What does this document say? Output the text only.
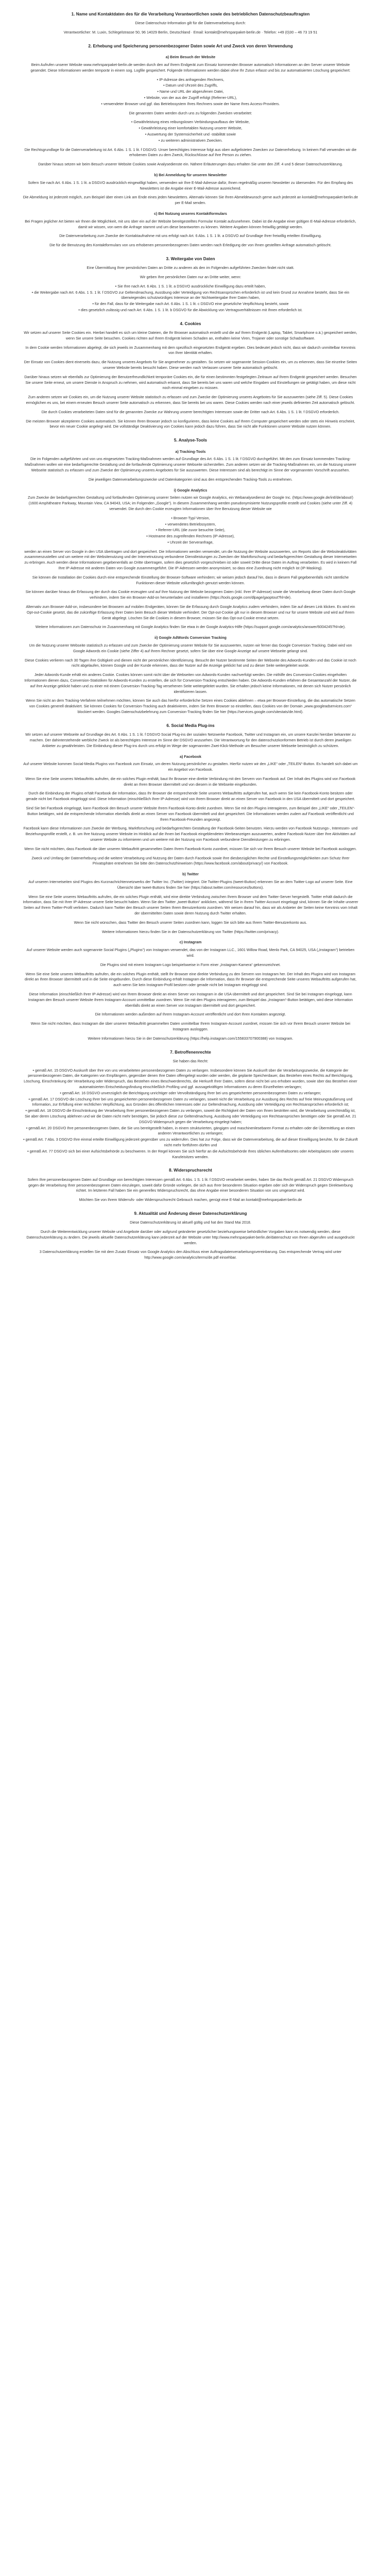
1. Name und Kontaktdaten des für die Verarbeitung Verantwortlichen sowie des betrieblichen Datenschutzbeauftragten
Diese Datenschutz-Information gilt für die Datenverarbeitung durch:
Verantwortlicher: M. Luxin, Schlegelstrasse 50, 96 14029 Berlin, Deutschland · Email: kontakt@mehrsparpaket-berlin.de · Telefon: +49 (0)30 – 46 73 19 51
2. Erhebung und Speicherung personenbezogener Daten sowie Art und Zweck von deren Verwendung
a) Beim Besuch der Website
Beim Aufrufen unserer Website www.mehrsparpaket-berlin.de werden durch den auf Ihrem Endgerät zum Einsatz kommenden Browser automatisch Informationen an den Server unserer Website gesendet. Diese Informationen werden temporär in einem sog. Logfile gespeichert. Folgende Informationen werden dabei ohne Ihr Zutun erfasst und bis zur automatisierten Löschung gespeichert:
• IP-Adresse des anfragenden Rechners,
• Datum und Uhrzeit des Zugriffs,
• Name und URL der abgerufenen Datei,
• Website, von der aus der Zugriff erfolgt (Referrer-URL),
• verwendeter Browser und ggf. das Betriebssystem Ihres Rechners sowie der Name Ihres Access-Providers.
Die genannten Daten werden durch uns zu folgenden Zwecken verarbeitet:
• Gewährleistung eines reibungslosen Verbindungsaufbaus der Website,
• Gewährleistung einer komfortablen Nutzung unserer Website,
• Auswertung der Systemsicherheit und -stabilität sowie
• zu weiteren administrativen Zwecken.
Die Rechtsgrundlage für die Datenverarbeitung ist Art. 6 Abs. 1 S. 1 lit. f DSGVO. Unser berechtigtes Interesse folgt aus oben aufgelisteten Zwecken zur Datenerhebung. In keinem Fall verwenden wir die erhobenen Daten zu dem Zweck, Rückschlüsse auf Ihre Person zu ziehen.
Darüber hinaus setzen wir beim Besuch unserer Website Cookies sowie Analysedienste ein. Nähere Erläuterungen dazu erhalten Sie unter den Ziff. 4 und 5 dieser Datenschutzerklärung.
b) Bei Anmeldung für unseren Newsletter
Sofern Sie nach Art. 6 Abs. 1 S. 1 lit. a DSGVO ausdrücklich eingewilligt haben, verwenden wir Ihre E-Mail-Adresse dafür, Ihnen regelmäßig unseren Newsletter zu übersenden. Für den Empfang des Newsletters ist die Angabe einer E-Mail-Adresse ausreichend.
Die Abmeldung ist jederzeit möglich, zum Beispiel über einen Link am Ende eines jeden Newsletters. Alternativ können Sie Ihren Abmeldewunsch gerne auch jederzeit an kontakt@mehrsparpaket-berlin.de per E-Mail senden.
c) Bei Nutzung unseres Kontaktformulars
Bei Fragen jeglicher Art bieten wir Ihnen die Möglichkeit, mit uns über ein auf der Website bereitgestelltes Formular Kontakt aufzunehmen. Dabei ist die Angabe einer gültigen E-Mail-Adresse erforderlich, damit wir wissen, von wem die Anfrage stammt und um diese beantworten zu können. Weitere Angaben können freiwillig getätigt werden.
Die Datenverarbeitung zum Zwecke der Kontaktaufnahme mit uns erfolgt nach Art. 6 Abs. 1 S. 1 lit. a DSGVO auf Grundlage Ihrer freiwillig erteilten Einwilligung.
Die für die Benutzung des Kontaktformulars von uns erhobenen personenbezogenen Daten werden nach Erledigung der von Ihnen gestellten Anfrage automatisch gelöscht.
3. Weitergabe von Daten
Eine Übermittlung Ihrer persönlichen Daten an Dritte zu anderen als den im Folgenden aufgeführten Zwecken findet nicht statt.
Wir geben Ihre persönlichen Daten nur an Dritte weiter, wenn:
• Sie Ihre nach Art. 6 Abs. 1 S. 1 lit. a DSGVO ausdrückliche Einwilligung dazu erteilt haben,
• die Weitergabe nach Art. 6 Abs. 1 S. 1 lit. f DSGVO zur Geltendmachung, Ausübung oder Verteidigung von Rechtsansprüchen erforderlich ist und kein Grund zur Annahme besteht, dass Sie ein überwiegendes schutzwürdiges Interesse an der Nichtweitergabe Ihrer Daten haben,
• für den Fall, dass für die Weitergabe nach Art. 6 Abs. 1 S. 1 lit. c DSGVO eine gesetzliche Verpflichtung besteht, sowie
• dies gesetzlich zulässig und nach Art. 6 Abs. 1 S. 1 lit. b DSGVO für die Abwicklung von Vertragsverhältnissen mit Ihnen erforderlich ist.
4. Cookies
Wir setzen auf unserer Seite Cookies ein. Hierbei handelt es sich um kleine Dateien, die Ihr Browser automatisch erstellt und die auf Ihrem Endgerät (Laptop, Tablet, Smartphone o.ä.) gespeichert werden, wenn Sie unsere Seite besuchen. Cookies richten auf Ihrem Endgerät keinen Schaden an, enthalten keine Viren, Trojaner oder sonstige Schadsoftware.
In dem Cookie werden Informationen abgelegt, die sich jeweils im Zusammenhang mit dem spezifisch eingesetzten Endgerät ergeben. Dies bedeutet jedoch nicht, dass wir dadurch unmittelbar Kenntnis von Ihrer Identität erhalten.
Der Einsatz von Cookies dient einerseits dazu, die Nutzung unseres Angebots für Sie angenehmer zu gestalten. So setzen wir sogenannte Session-Cookies ein, um zu erkennen, dass Sie einzelne Seiten unserer Website bereits besucht haben. Diese werden nach Verlassen unserer Seite automatisch gelöscht.
Darüber hinaus setzen wir ebenfalls zur Optimierung der Benutzerfreundlichkeit temporäre Cookies ein, die für einen bestimmten festgelegten Zeitraum auf Ihrem Endgerät gespeichert werden. Besuchen Sie unsere Seite erneut, um unsere Dienste in Anspruch zu nehmen, wird automatisch erkannt, dass Sie bereits bei uns waren und welche Eingaben und Einstellungen sie getätigt haben, um diese nicht noch einmal eingeben zu müssen.
Zum anderen setzen wir Cookies ein, um die Nutzung unserer Website statistisch zu erfassen und zum Zwecke der Optimierung unseres Angebotes für Sie auszuwerten (siehe Ziff. 5). Diese Cookies ermöglichen es uns, bei einem erneuten Besuch unserer Seite automatisch zu erkennen, dass Sie bereits bei uns waren. Diese Cookies werden nach einer jeweils definierten Zeit automatisch gelöscht.
Die durch Cookies verarbeiteten Daten sind für die genannten Zwecke zur Wahrung unserer berechtigten Interessen sowie der Dritter nach Art. 6 Abs. 1 S. 1 lit. f DSGVO erforderlich.
Die meisten Browser akzeptieren Cookies automatisch. Sie können Ihren Browser jedoch so konfigurieren, dass keine Cookies auf Ihrem Computer gespeichert werden oder stets ein Hinweis erscheint, bevor ein neuer Cookie angelegt wird. Die vollständige Deaktivierung von Cookies kann jedoch dazu führen, dass Sie nicht alle Funktionen unserer Website nutzen können.
5. Analyse-Tools
a) Tracking-Tools
Die im Folgenden aufgeführten und von uns eingesetzten Tracking-Maßnahmen werden auf Grundlage des Art. 6 Abs. 1 S. 1 lit. f DSGVO durchgeführt. Mit den zum Einsatz kommenden Tracking-Maßnahmen wollen wir eine bedarfsgerechte Gestaltung und die fortlaufende Optimierung unserer Webseite sicherstellen. Zum anderen setzen wir die Tracking-Maßnahmen ein, um die Nutzung unserer Webseite statistisch zu erfassen und zum Zwecke der Optimierung unseres Angebotes für Sie auszuwerten. Diese Interessen sind als berechtigt im Sinne der vorgenannten Vorschrift anzusehen.
Die jeweiligen Datenverarbeitungszwecke und Datenkategorien sind aus den entsprechenden Tracking-Tools zu entnehmen.
i) Google Analytics
Zum Zwecke der bedarfsgerechten Gestaltung und fortlaufenden Optimierung unserer Seiten nutzen wir Google Analytics, ein Webanalysedienst der Google Inc. (https://www.google.de/intl/de/about/) (1600 Amphitheatre Parkway, Mountain View, CA 94043, USA; im Folgenden „Google“). In diesem Zusammenhang werden pseudonymisierte Nutzungsprofile erstellt und Cookies (siehe unter Ziff. 4) verwendet. Die durch den Cookie erzeugten Informationen über Ihre Benutzung dieser Website wie
• Browser-Typ/-Version,
• verwendetes Betriebssystem,
• Referrer-URL (die zuvor besuchte Seite),
• Hostname des zugreifenden Rechners (IP-Adresse),
• Uhrzeit der Serveranfrage,
werden an einen Server von Google in den USA übertragen und dort gespeichert. Die Informationen werden verwendet, um die Nutzung der Website auszuwerten, um Reports über die Websiteaktivitäten zusammenzustellen und um weitere mit der Websitenutzung und der Internetnutzung verbundene Dienstleistungen zu Zwecken der Marktforschung und bedarfsgerechten Gestaltung dieser Internetseiten zu erbringen. Auch werden diese Informationen gegebenenfalls an Dritte übertragen, sofern dies gesetzlich vorgeschrieben ist oder soweit Dritte diese Daten im Auftrag verarbeiten. Es wird in keinem Fall Ihre IP-Adresse mit anderen Daten von Google zusammengeführt. Die IP-Adressen werden anonymisiert, so dass eine Zuordnung nicht möglich ist (IP-Masking).
Sie können die Installation der Cookies durch eine entsprechende Einstellung der Browser-Software verhindern; wir weisen jedoch darauf hin, dass in diesem Fall gegebenenfalls nicht sämtliche Funktionen dieser Website vollumfänglich genutzt werden können.
Sie können darüber hinaus die Erfassung der durch das Cookie erzeugten und auf Ihre Nutzung der Website bezogenen Daten (inkl. Ihrer IP-Adresse) sowie die Verarbeitung dieser Daten durch Google verhindern, indem Sie ein Browser-Add-on herunterladen und installieren (https://tools.google.com/dlpage/gaoptout?hl=de).
Alternativ zum Browser-Add-on, insbesondere bei Browsern auf mobilen Endgeräten, können Sie die Erfassung durch Google Analytics zudem verhindern, indem Sie auf diesen Link klicken. Es wird ein Opt-out-Cookie gesetzt, das die zukünftige Erfassung Ihrer Daten beim Besuch dieser Website verhindert. Der Opt-out-Cookie gilt nur in diesem Browser und nur für unsere Website und wird auf Ihrem Gerät abgelegt. Löschen Sie die Cookies in diesem Browser, müssen Sie das Opt-out-Cookie erneut setzen.
Weitere Informationen zum Datenschutz im Zusammenhang mit Google Analytics finden Sie etwa in der Google Analytics-Hilfe (https://support.google.com/analytics/answer/6004245?hl=de).
ii) Google AdWords Conversion Tracking
Um die Nutzung unserer Webseite statistisch zu erfassen und zum Zwecke der Optimierung unserer Website für Sie auszuwerten, nutzen wir ferner das Google Conversion Tracking. Dabei wird von Google Adwords ein Cookie (siehe Ziffer 4) auf Ihrem Rechner gesetzt, sofern Sie über eine Google-Anzeige auf unsere Webseite gelangt sind.
Diese Cookies verlieren nach 30 Tagen ihre Gültigkeit und dienen nicht der persönlichen Identifizierung. Besucht der Nutzer bestimmte Seiten der Webseite des Adwords-Kunden und das Cookie ist noch nicht abgelaufen, können Google und der Kunde erkennen, dass der Nutzer auf die Anzeige geklickt hat und zu dieser Seite weitergeleitet wurde.
Jeder Adwords-Kunde erhält ein anderes Cookie. Cookies können somit nicht über die Webseiten von Adwords-Kunden nachverfolgt werden. Die mithilfe des Conversion-Cookies eingeholten Informationen dienen dazu, Conversion-Statistiken für Adwords-Kunden zu erstellen, die sich für Conversion-Tracking entschieden haben. Die Adwords-Kunden erfahren die Gesamtanzahl der Nutzer, die auf ihre Anzeige geklickt haben und zu einer mit einem Conversion-Tracking-Tag versehenen Seite weitergeleitet wurden. Sie erhalten jedoch keine Informationen, mit denen sich Nutzer persönlich identifizieren lassen.
Wenn Sie nicht an dem Tracking-Verfahren teilnehmen möchten, können Sie auch das hierfür erforderliche Setzen eines Cookies ablehnen – etwa per Browser-Einstellung, die das automatische Setzen von Cookies generell deaktiviert. Sie können Cookies für Conversion-Tracking auch deaktivieren, indem Sie Ihren Browser so einstellen, dass Cookies von der Domain „www.googleadservices.com“ blockiert werden. Googles Datenschutzbelehrung zum Conversion-Tracking finden Sie hier (https://services.google.com/sitestats/de.html).
6. Social Media Plug-ins
Wir setzen auf unserer Webseite auf Grundlage des Art. 6 Abs. 1 S. 1 lit. f DSGVO Social Plug-ins der sozialen Netzwerke Facebook, Twitter und Instagram ein, um unsere Kanzlei hierüber bekannter zu machen. Der dahinterstehende werbliche Zweck ist als berechtigtes Interesse im Sinne der DSGVO anzusehen. Die Verantwortung für den datenschutzkonformen Betrieb ist durch deren jeweiligen Anbieter zu gewährleisten. Die Einbindung dieser Plug-ins durch uns erfolgt im Wege der sogenannten Zwei-Klick-Methode um Besucher unserer Webseite bestmöglich zu schützen.
a) Facebook
Auf unserer Website kommen Social-Media Plugins von Facebook zum Einsatz, um deren Nutzung persönlicher zu gestalten. Hierfür nutzen wir den „LIKE“ oder „TEILEN“-Button. Es handelt sich dabei um ein Angebot von Facebook.
Wenn Sie eine Seite unseres Webauftritts aufrufen, die ein solches Plugin enthält, baut Ihr Browser eine direkte Verbindung mit den Servern von Facebook auf. Der Inhalt des Plugins wird von Facebook direkt an Ihren Browser übermittelt und von diesem in die Webseite eingebunden.
Durch die Einbindung der Plugins erhält Facebook die Information, dass Ihr Browser die entsprechende Seite unseres Webauftritts aufgerufen hat, auch wenn Sie kein Facebook-Konto besitzen oder gerade nicht bei Facebook eingeloggt sind. Diese Information (einschließlich Ihrer IP-Adresse) wird von Ihrem Browser direkt an einen Server von Facebook in den USA übermittelt und dort gespeichert.
Sind Sie bei Facebook eingeloggt, kann Facebook den Besuch unserer Website Ihrem Facebook-Konto direkt zuordnen. Wenn Sie mit den Plugins interagieren, zum Beispiel den „LIKE“ oder „TEILEN“-Button betätigen, wird die entsprechende Information ebenfalls direkt an einen Server von Facebook übermittelt und dort gespeichert. Die Informationen werden zudem auf Facebook veröffentlicht und Ihren Facebook-Freunden angezeigt.
Facebook kann diese Informationen zum Zwecke der Werbung, Marktforschung und bedarfsgerechten Gestaltung der Facebook-Seiten benutzen. Hierzu werden von Facebook Nutzungs-, Interessen- und Beziehungsprofile erstellt, z. B. um Ihre Nutzung unserer Website im Hinblick auf die Ihnen bei Facebook eingeblendeten Werbeanzeigen auszuwerten, andere Facebook-Nutzer über Ihre Aktivitäten auf unserer Website zu informieren und um weitere mit der Nutzung von Facebook verbundene Dienstleistungen zu erbringen.
Wenn Sie nicht möchten, dass Facebook die über unseren Webauftritt gesammelten Daten Ihrem Facebook-Konto zuordnet, müssen Sie sich vor Ihrem Besuch unserer Website bei Facebook ausloggen.
Zweck und Umfang der Datenerhebung und die weitere Verarbeitung und Nutzung der Daten durch Facebook sowie Ihre diesbezüglichen Rechte und Einstellungsmöglichkeiten zum Schutz Ihrer Privatsphäre entnehmen Sie bitte den Datenschutzhinweisen (https://www.facebook.com/about/privacy/) von Facebook.
b) Twitter
Auf unseren Internetseiten sind Plugins des Kurznachrichtennetzwerks der Twitter Inc. (Twitter) integriert. Die Twitter-Plugins (tweet-Button) erkennen Sie an dem Twitter-Logo auf unserer Seite. Eine Übersicht über tweet-Buttons finden Sie hier (https://about.twitter.com/resources/buttons).
Wenn Sie eine Seite unseres Webauftritts aufrufen, die ein solches Plugin enthält, wird eine direkte Verbindung zwischen Ihrem Browser und dem Twitter-Server hergestellt. Twitter erhält dadurch die Information, dass Sie mit Ihrer IP-Adresse unsere Seite besucht haben. Wenn Sie den Twitter „tweet-Button“ anklicken, während Sie in Ihrem Twitter-Account eingeloggt sind, können Sie die Inhalte unserer Seiten auf Ihrem Twitter-Profil verlinken. Dadurch kann Twitter den Besuch unserer Seiten Ihrem Benutzerkonto zuordnen. Wir weisen darauf hin, dass wir als Anbieter der Seiten keine Kenntnis vom Inhalt der übermittelten Daten sowie deren Nutzung durch Twitter erhalten.
Wenn Sie nicht wünschen, dass Twitter den Besuch unserer Seiten zuordnen kann, loggen Sie sich bitte aus Ihrem Twitter-Benutzerkonto aus.
Weitere Informationen hierzu finden Sie in der Datenschutzerklärung von Twitter (https://twitter.com/privacy).
c) Instagram
Auf unserer Website werden auch sogenannte Social Plugins („Plugins“) von Instagram verwendet, das von der Instagram LLC., 1601 Willow Road, Menlo Park, CA 94025, USA („Instagram“) betrieben wird.
Die Plugins sind mit einem Instagram-Logo beispielsweise in Form einer „Instagram-Kamera“ gekennzeichnet.
Wenn Sie eine Seite unseres Webauftritts aufrufen, die ein solches Plugin enthält, stellt Ihr Browser eine direkte Verbindung zu den Servern von Instagram her. Der Inhalt des Plugins wird von Instagram direkt an Ihren Browser übermittelt und in die Seite eingebunden. Durch diese Einbindung erhält Instagram die Information, dass Ihr Browser die entsprechende Seite unseres Webauftritts aufgerufen hat, auch wenn Sie kein Instagram-Profil besitzen oder gerade nicht bei Instagram eingeloggt sind.
Diese Information (einschließlich Ihrer IP-Adresse) wird von Ihrem Browser direkt an einen Server von Instagram in die USA übermittelt und dort gespeichert. Sind Sie bei Instagram eingeloggt, kann Instagram den Besuch unserer Website Ihrem Instagram-Account unmittelbar zuordnen. Wenn Sie mit den Plugins interagieren, zum Beispiel das „Instagram“-Button betätigen, wird diese Information ebenfalls direkt an einen Server von Instagram übermittelt und dort gespeichert.
Die Informationen werden außerdem auf Ihrem Instagram-Account veröffentlicht und dort Ihren Kontakten angezeigt.
Wenn Sie nicht möchten, dass Instagram die über unseren Webauftritt gesammelten Daten unmittelbar Ihrem Instagram-Account zuordnet, müssen Sie sich vor Ihrem Besuch unserer Website bei Instagram ausloggen.
Weitere Informationen hierzu Sie in der Datenschutzerklärung (https://help.instagram.com/155833707900388) von Instagram.
7. Betroffenenrechte
Sie haben das Recht:
• gemäß Art. 15 DSGVO Auskunft über Ihre von uns verarbeiteten personenbezogenen Daten zu verlangen. Insbesondere können Sie Auskunft über die Verarbeitungszwecke, die Kategorie der personenbezogenen Daten, die Kategorien von Empfängern, gegenüber denen Ihre Daten offengelegt wurden oder werden, die geplante Speicherdauer, das Bestehen eines Rechts auf Berichtigung, Löschung, Einschränkung der Verarbeitung oder Widerspruch, das Bestehen eines Beschwerderechts, die Herkunft Ihrer Daten, sofern diese nicht bei uns erhoben wurden, sowie über das Bestehen einer automatisierten Entscheidungsfindung einschließlich Profiling und ggf. aussagekräftigen Informationen zu deren Einzelheiten verlangen;
• gemäß Art. 16 DSGVO unverzüglich die Berichtigung unrichtiger oder Vervollständigung Ihrer bei uns gespeicherten personenbezogenen Daten zu verlangen;
• gemäß Art. 17 DSGVO die Löschung Ihrer bei uns gespeicherten personenbezogenen Daten zu verlangen, soweit nicht die Verarbeitung zur Ausübung des Rechts auf freie Meinungsäußerung und Information, zur Erfüllung einer rechtlichen Verpflichtung, aus Gründen des öffentlichen Interesses oder zur Geltendmachung, Ausübung oder Verteidigung von Rechtsansprüchen erforderlich ist;
• gemäß Art. 18 DSGVO die Einschränkung der Verarbeitung Ihrer personenbezogenen Daten zu verlangen, soweit die Richtigkeit der Daten von Ihnen bestritten wird, die Verarbeitung unrechtmäßig ist, Sie aber deren Löschung ablehnen und wir die Daten nicht mehr benötigen, Sie jedoch diese zur Geltendmachung, Ausübung oder Verteidigung von Rechtsansprüchen benötigen oder Sie gemäß Art. 21 DSGVO Widerspruch gegen die Verarbeitung eingelegt haben;
• gemäß Art. 20 DSGVO Ihre personenbezogenen Daten, die Sie uns bereitgestellt haben, in einem strukturierten, gängigen und maschinenlesebaren Format zu erhalten oder die Übermittlung an einen anderen Verantwortlichen zu verlangen;
• gemäß Art. 7 Abs. 3 DSGVO Ihre einmal erteilte Einwilligung jederzeit gegenüber uns zu widerrufen. Dies hat zur Folge, dass wir die Datenverarbeitung, die auf dieser Einwilligung beruhte, für die Zukunft nicht mehr fortführen dürfen und
• gemäß Art. 77 DSGVO sich bei einer Aufsichtsbehörde zu beschweren. In der Regel können Sie sich hierfür an die Aufsichtsbehörde Ihres üblichen Aufenthaltsortes oder Arbeitsplatzes oder unseres Kanzleisitzes wenden.
8. Widerspruchsrecht
Sofern Ihre personenbezogenen Daten auf Grundlage von berechtigten Interessen gemäß Art. 6 Abs. 1 S. 1 lit. f DSGVO verarbeitet werden, haben Sie das Recht gemäß Art. 21 DSGVO Widerspruch gegen die Verarbeitung Ihrer personenbezogenen Daten einzulegen, soweit dafür Gründe vorliegen, die sich aus Ihrer besonderen Situation ergeben oder sich der Widerspruch gegen Direktwerbung richtet. Im letzteren Fall haben Sie ein generelles Widerspruchsrecht, das ohne Angabe einer besonderen Situation von uns umgesetzt wird.
Möchten Sie von Ihrem Widerrufs- oder Widerspruchsrecht Gebrauch machen, genügt eine E-Mail an kontakt@mehrsparpaket-berlin.de
9. Aktualität und Änderung dieser Datenschutzerklärung
Diese Datenschutzerklärung ist aktuell gültig und hat den Stand Mai 2018.
Durch die Weiterentwicklung unserer Website und Angebote darüber oder aufgrund geänderter gesetzlicher beziehungsweise behördlicher Vorgaben kann es notwendig werden, diese Datenschutzerklärung zu ändern. Die jeweils aktuelle Datenschutzerklärung kann jederzeit auf der Website unter http://www.mehrsparpaket-berlin.de/datenschutz von Ihnen abgerufen und ausgedruckt werden.
3 Datenschutzerklärung erstellen Sie mit dem Zusatz Einsatz von Google Analytics den Abschluss einer Auftragsdatenverarbeitungsvereinbarung. Das entsprechende Vertrag wird unter http://www.google.com/analytics/terms/de.pdf einsehbar.
